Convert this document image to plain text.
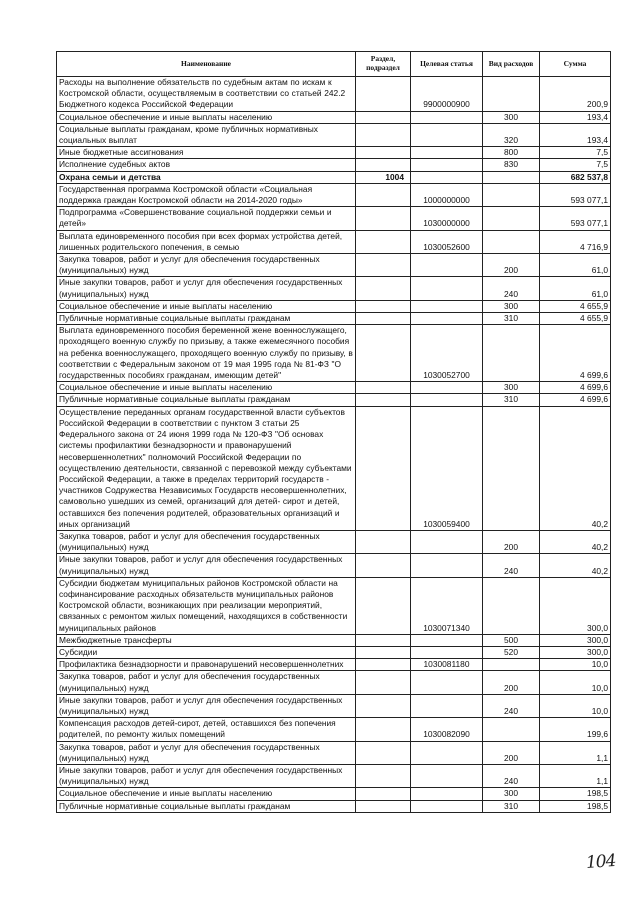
Наименование	Раздел, подраздел	Целевая статья	Вид расходов	Сумма
Расходы на выполнение обязательств по судебным актам по искам к Костромской области, осуществляемым в соответствии со статьей 242.2 Бюджетного кодекса Российской Федерации		9900000900		200,9
Социальное обеспечение и иные выплаты населению			300	193,4
Социальные выплаты гражданам, кроме публичных нормативных социальных выплат			320	193,4
Иные бюджетные ассигнования			800	7,5
Исполнение судебных актов			830	7,5
Охрана семьи и детства	1004			682 537,8
Государственная программа Костромской области «Социальная поддержка граждан Костромской области на 2014-2020 годы»		1000000000		593 077,1
Подпрограмма «Совершенствование социальной поддержки семьи и детей»		1030000000		593 077,1
Выплата единовременного пособия при всех формах устройства детей, лишенных родительского попечения, в семью		1030052600		4 716,9
Закупка товаров, работ и услуг для обеспечения государственных (муниципальных) нужд			200	61,0
Иные закупки товаров, работ и услуг для обеспечения государственных (муниципальных) нужд			240	61,0
Социальное обеспечение и иные выплаты населению			300	4 655,9
Публичные нормативные социальные выплаты гражданам			310	4 655,9
Выплата единовременного пособия беременной жене военнослужащего, проходящего военную службу по призыву, а также ежемесячного пособия на ребенка военнослужащего, проходящего военную службу по призыву, в соответствии с Федеральным законом от 19 мая 1995 года № 81-ФЗ "О государственных пособиях гражданам, имеющим детей"		1030052700		4 699,6
Социальное обеспечение и иные выплаты населению			300	4 699,6
Публичные нормативные социальные выплаты гражданам			310	4 699,6
Осуществление переданных органам государственной власти субъектов Российской Федерации в соответствии с пунктом 3 статьи 25 Федерального закона от 24 июня 1999 года № 120-ФЗ "Об основах системы профилактики безнадзорности и правонарушений несовершеннолетних" полномочий Российской Федерации по осуществлению деятельности, связанной с перевозкой между субъектами Российской Федерации, а также в пределах территорий государств - участников Содружества Независимых Государств несовершеннолетних, самовольно ушедших из семей, организаций для детей- сирот и детей, оставшихся без попечения родителей, образовательных организаций и иных организаций		1030059400		40,2
Закупка товаров, работ и услуг для обеспечения государственных (муниципальных) нужд			200	40,2
Иные закупки товаров, работ и услуг для обеспечения государственных (муниципальных) нужд			240	40,2
Субсидии бюджетам муниципальных районов Костромской области на софинансирование расходных обязательств муниципальных районов Костромской области, возникающих при реализации мероприятий, связанных с ремонтом жилых помещений, находящихся в собственности муниципальных районов		1030071340		300,0
Межбюджетные трансферты			500	300,0
Субсидии			520	300,0
Профилактика безнадзорности и правонарушений несовершеннолетних		1030081180		10,0
Закупка товаров, работ и услуг для обеспечения государственных (муниципальных) нужд			200	10,0
Иные закупки товаров, работ и услуг для обеспечения государственных (муниципальных) нужд			240	10,0
Компенсация расходов детей-сирот, детей, оставшихся без попечения родителей, по ремонту жилых помещений		1030082090		199,6
Закупка товаров, работ и услуг для обеспечения государственных (муниципальных) нужд			200	1,1
Иные закупки товаров, работ и услуг для обеспечения государственных (муниципальных) нужд			240	1,1
Социальное обеспечение и иные выплаты населению			300	198,5
Публичные нормативные социальные выплаты гражданам			310	198,5
104
